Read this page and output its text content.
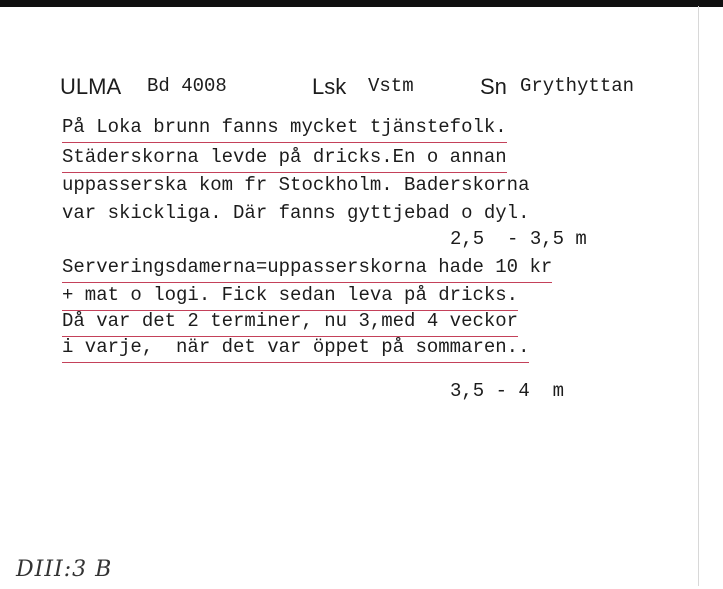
ULMA Bd 4008	Lsk Vstm	Sn Grythyttan
På Loka brunn fanns mycket tjänstefolk.
Städerskorna levde på dricks.En o annan
uppasserska kom fr Stockholm. Baderskorna
var skickliga. Där fanns gyttjebad o dyl.
2,5  - 3,5 m
Serveringsdamerna=uppasserskorna hade 10 kr
+ mat o logi. Fick sedan leva på dricks.
Då var det 2 terminer, nu 3,med 4 veckor
i varje,  när det var öppet på sommaren..
3,5 - 4  m
DIII:3 B
